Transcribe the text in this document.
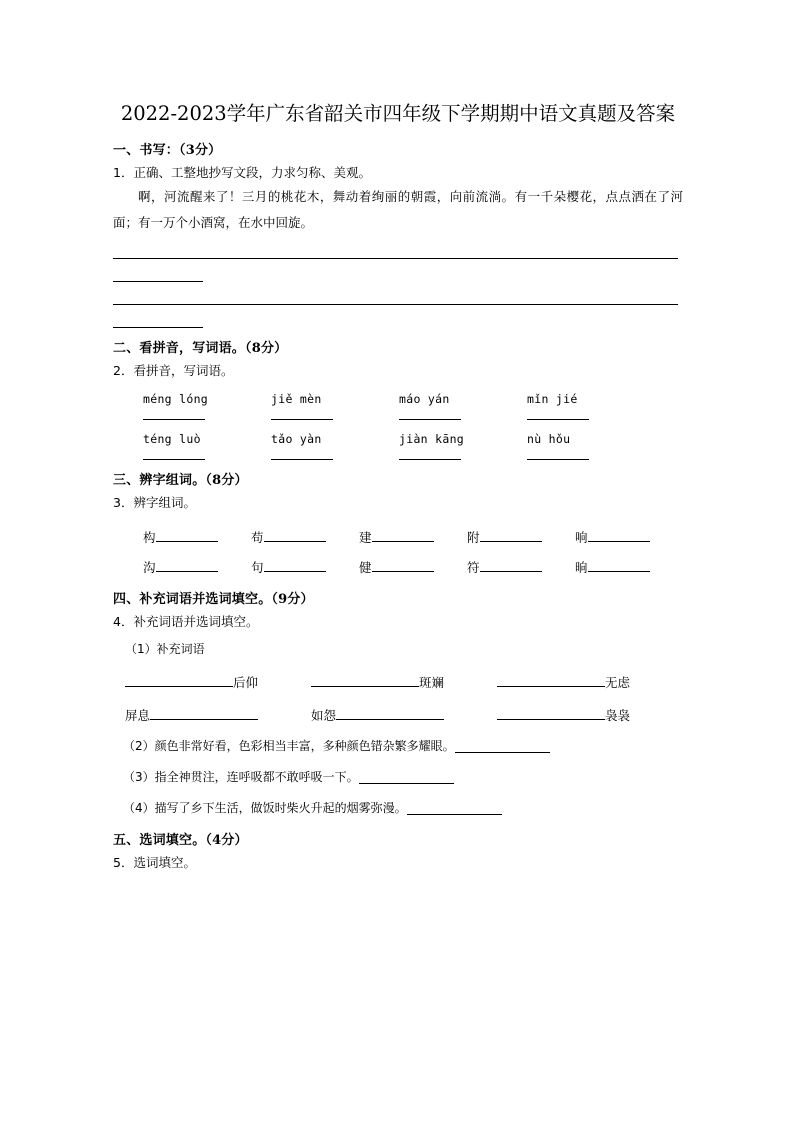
2022-2023学年广东省韶关市四年级下学期期中语文真题及答案
一、书写：（3分）
1．正确、工整地抄写文段，力求匀称、美观。
啊，河流醒来了！三月的桃花木，舞动着绚丽的朝霞，向前流淌。有一千朵樱花，点点洒在了河面；有一万个小酒窝，在水中回旋。
二、看拼音，写词语。（8分）
2．看拼音，写词语。
méng lóng	jiě mèn	máo yán	mǐn jié
téng luò	tǎo yàn	jiàn kāng	nù hǒu
三、辨字组词。（8分）
3．辨字组词。
构	苟	建	附	响
沟	句	健	符	晌
四、补充词语并选词填空。（9分）
4．补充词语并选词填空。
（1）补充词语
后仰	斑斓	无虑
屏息	如怨	袅袅
（2）颜色非常好看，色彩相当丰富，多种颜色错杂繁多耀眼。
（3）指全神贯注，连呼吸都不敢呼吸一下。
（4）描写了乡下生活，做饭时柴火升起的烟雾弥漫。
五、选词填空。（4分）
5．选词填空。
